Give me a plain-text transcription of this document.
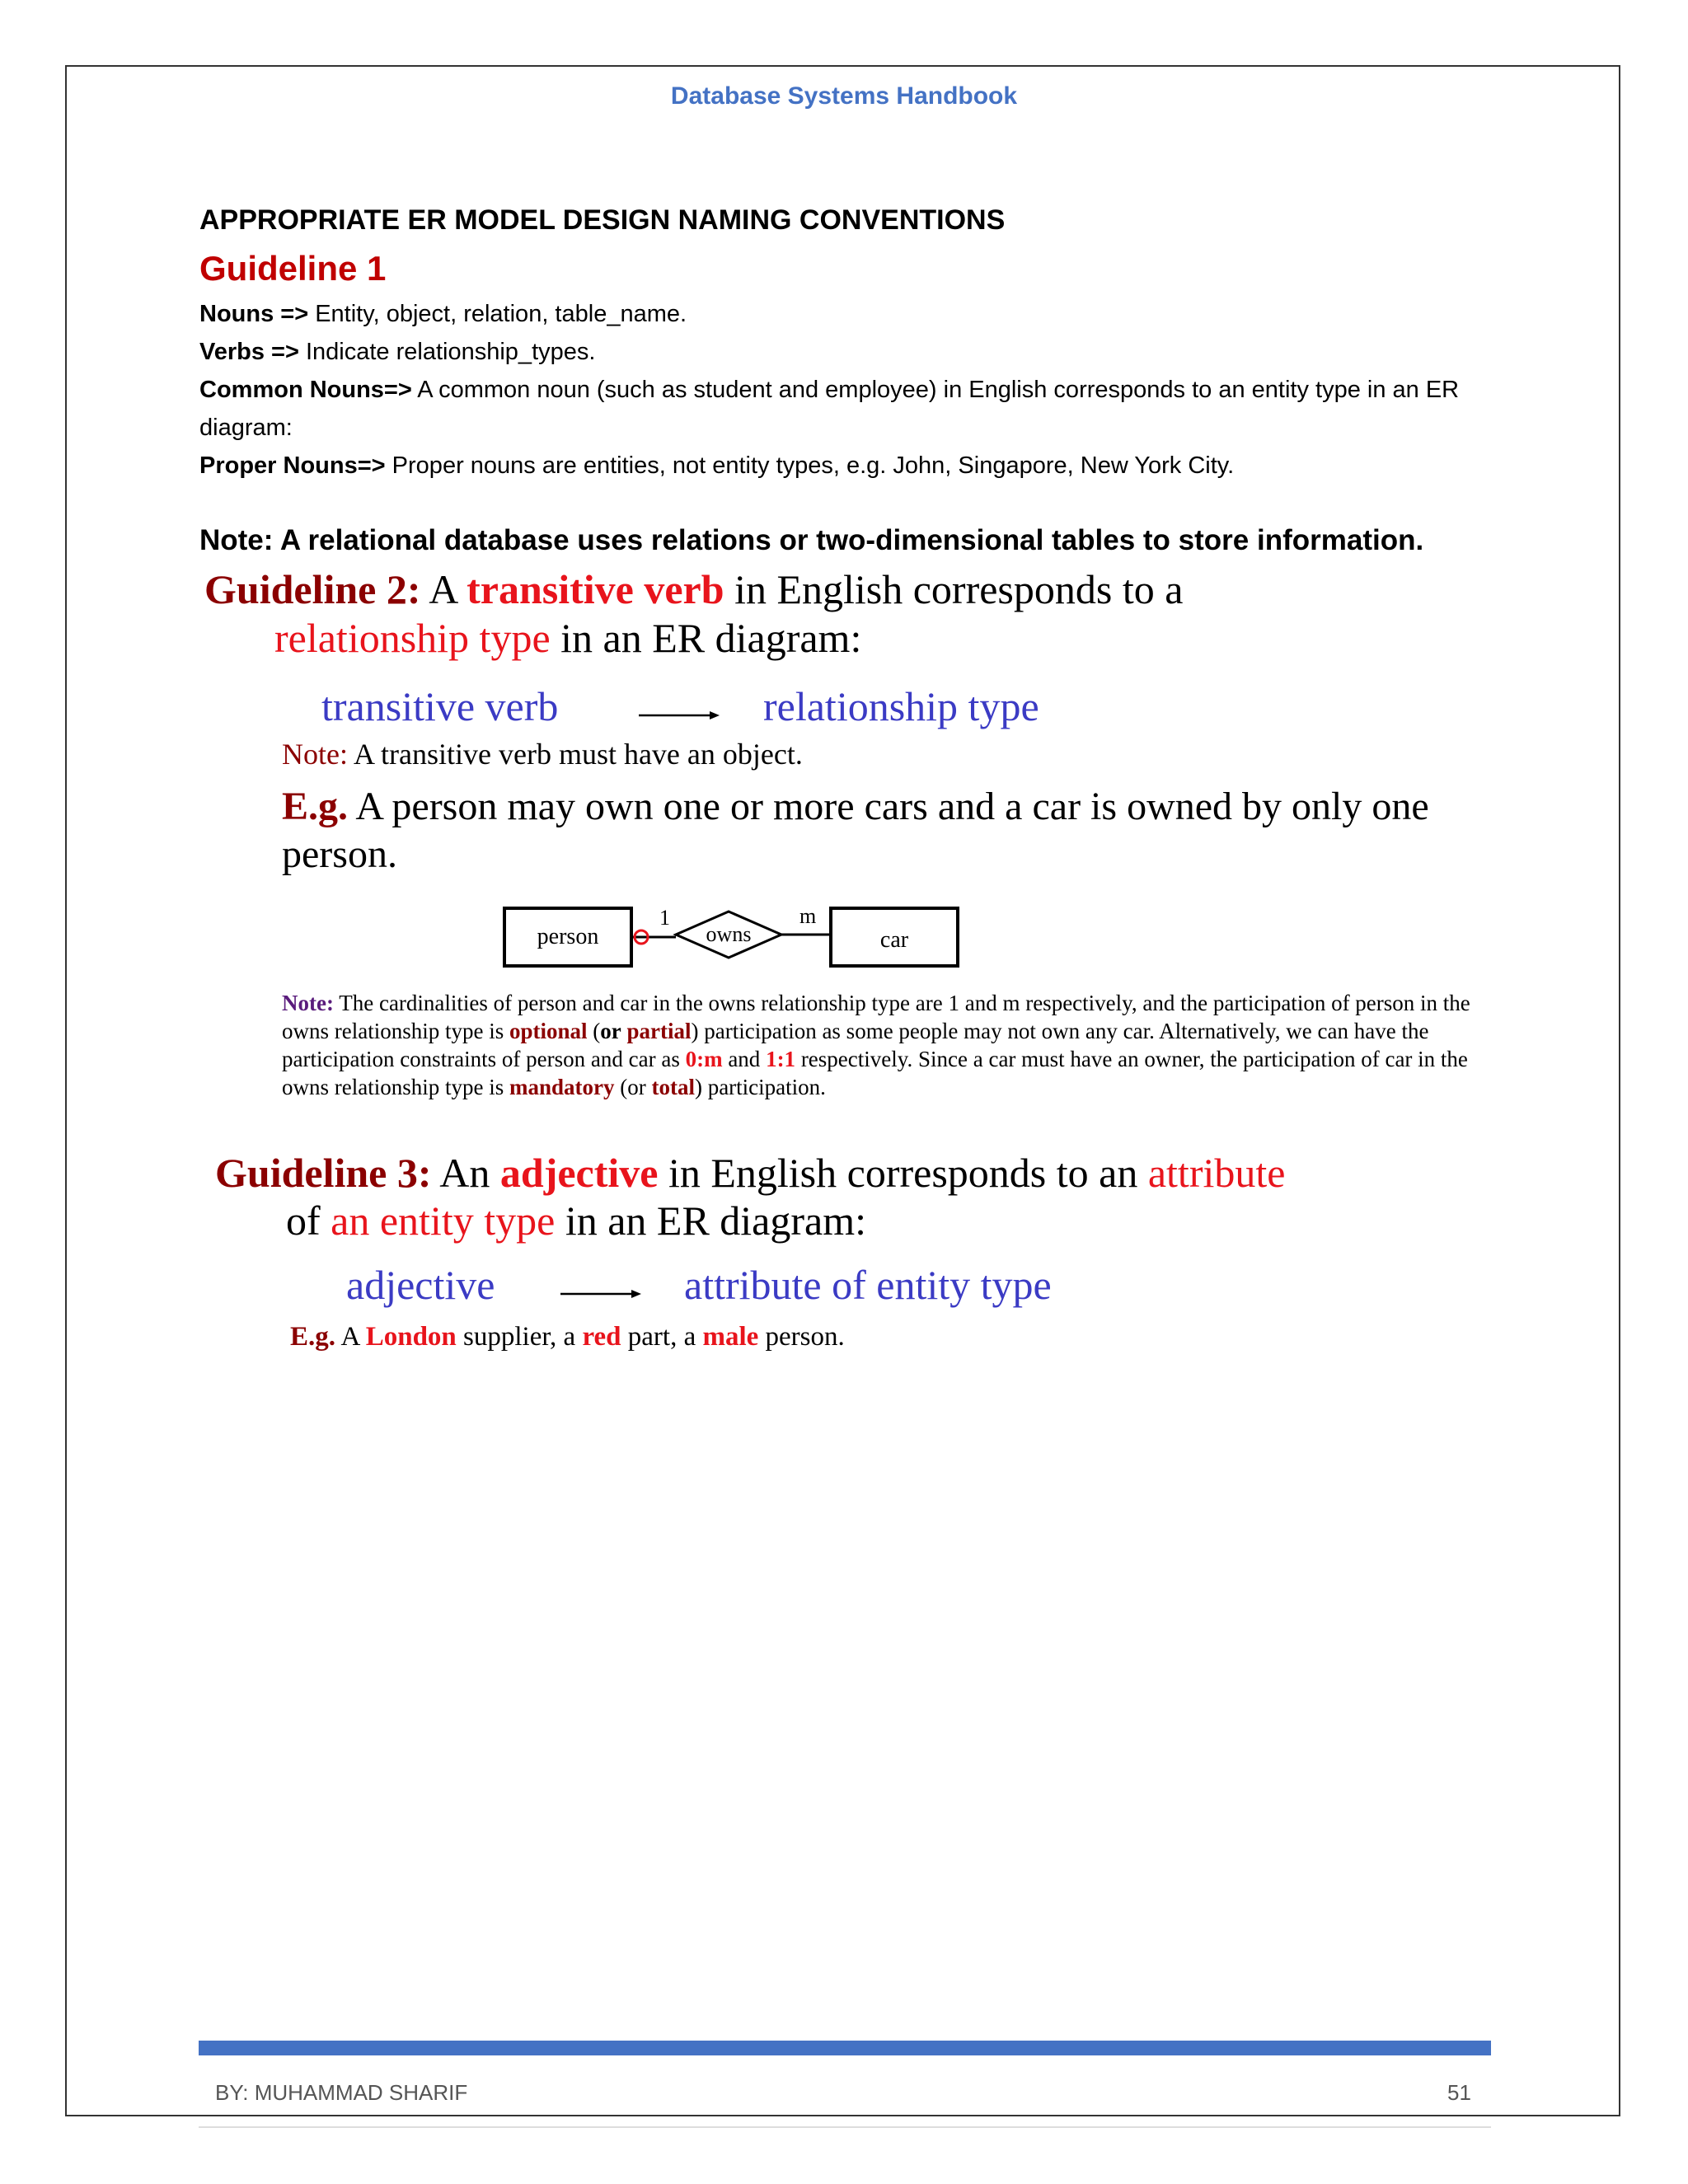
Database Systems Handbook
APPROPRIATE ER MODEL DESIGN NAMING CONVENTIONS
Guideline 1
Nouns => Entity, object, relation, table_name.
Verbs => Indicate relationship_types.
Common Nouns=> A common noun (such as student and employee) in English corresponds to an entity type in an ER diagram:
Proper Nouns=> Proper nouns are entities, not entity types, e.g. John, Singapore, New York City.
Note: A relational database uses relations or two-dimensional tables to store information.
Guideline 2: A transitive verb in English corresponds to a
relationship type in an ER diagram:
transitive verb	relationship type
Note: A transitive verb must have an object.
E.g. A person may own one or more cars and a car is owned by only one person.
person
1
owns
m
car
Note: The cardinalities of person and car in the owns relationship type are 1 and m respectively, and the participation of person in the owns relationship type is optional (or partial) participation as some people may not own any car. Alternatively, we can have the participation constraints of person and car as 0:m and 1:1 respectively. Since a car must have an owner, the participation of car in the owns relationship type is mandatory (or total) participation.
Guideline 3: An adjective in English corresponds to an attribute
of an entity type in an ER diagram:
adjective	attribute of entity type
E.g. A London supplier, a red part, a male person.
BY: MUHAMMAD SHARIF	51
